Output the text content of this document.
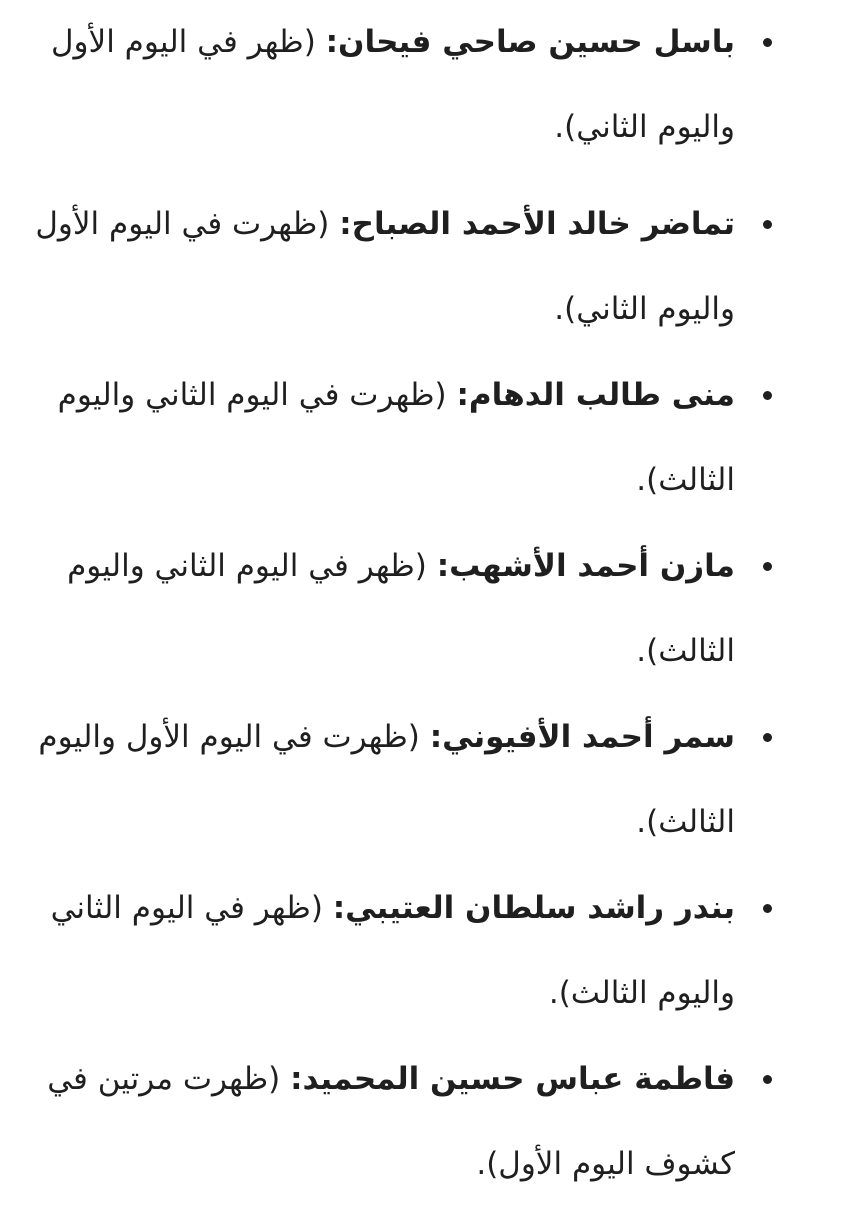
باسل حسين صاحي فيحان: (ظهر في اليوم الأول واليوم الثاني).
تماضر خالد الأحمد الصباح: (ظهرت في اليوم الأول واليوم الثاني).
منى طالب الدهام: (ظهرت في اليوم الثاني واليوم الثالث).
مازن أحمد الأشهب: (ظهر في اليوم الثاني واليوم الثالث).
سمر أحمد الأفيوني: (ظهرت في اليوم الأول واليوم الثالث).
بندر راشد سلطان العتيبي: (ظهر في اليوم الثاني واليوم الثالث).
فاطمة عباس حسين المحميد: (ظهرت مرتين في كشوف اليوم الأول).
